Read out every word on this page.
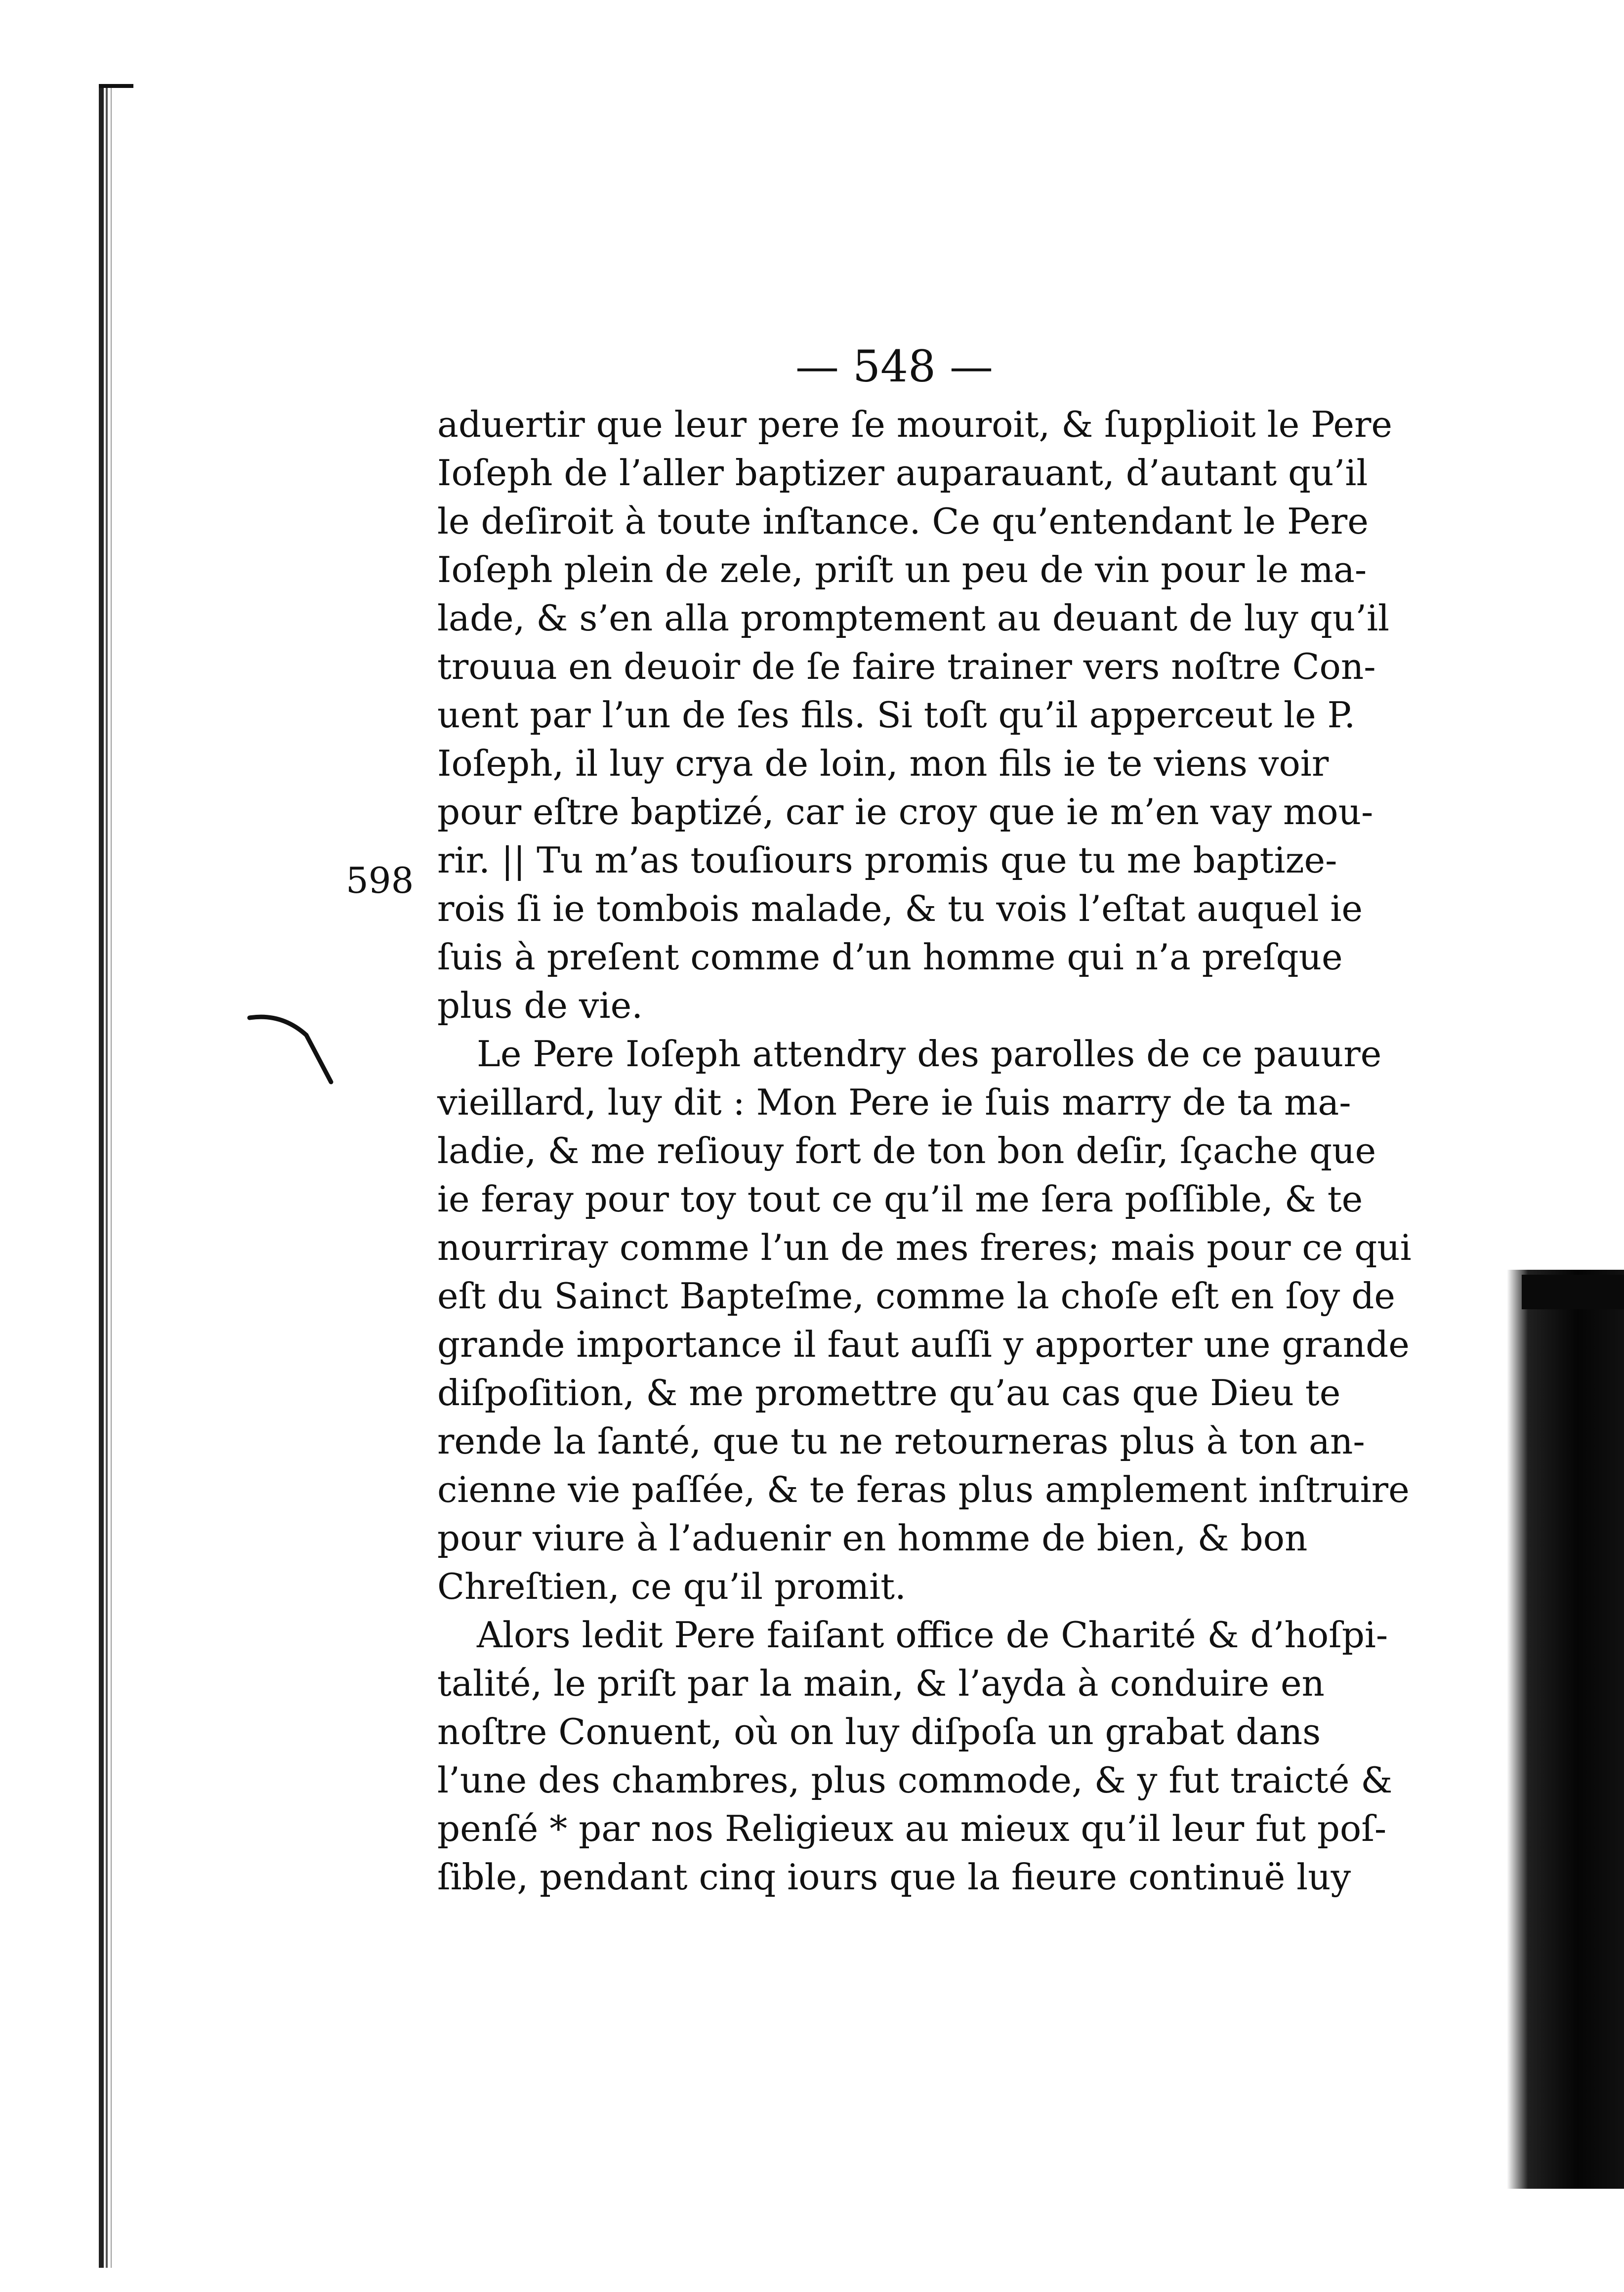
— 548 —
598
aduertir que leur pere ſe mouroit, & ſupplioit le Pere
Ioſeph de l’aller baptizer auparauant, d’autant qu’il
le deſiroit à toute inſtance. Ce qu’entendant le Pere
Ioſeph plein de zele, priſt un peu de vin pour le ma-
lade, & s’en alla promptement au deuant de luy qu’il
trouua en deuoir de ſe faire trainer vers noſtre Con-
uent par l’un de ſes fils. Si toſt qu’il apperceut le P.
Ioſeph, il luy crya de loin, mon fils ie te viens voir
pour eſtre baptizé, car ie croy que ie m’en vay mou-
rir. || Tu m’as touſiours promis que tu me baptize-
rois ſi ie tombois malade, & tu vois l’eſtat auquel ie
ſuis à preſent comme d’un homme qui n’a preſque
plus de vie.
Le Pere Ioſeph attendry des parolles de ce pauure
vieillard, luy dit : Mon Pere ie ſuis marry de ta ma-
ladie, & me reſiouy fort de ton bon deſir, ſçache que
ie feray pour toy tout ce qu’il me ſera poſſible, & te
nourriray comme l’un de mes freres; mais pour ce qui
eſt du Sainct Bapteſme, comme la choſe eſt en ſoy de
grande importance il faut auſſi y apporter une grande
diſpoſition, & me promettre qu’au cas que Dieu te
rende la ſanté, que tu ne retourneras plus à ton an-
cienne vie paſſée, & te feras plus amplement inſtruire
pour viure à l’aduenir en homme de bien, & bon
Chreſtien, ce qu’il promit.
Alors ledit Pere faiſant office de Charité & d’hoſpi-
talité, le priſt par la main, & l’ayda à conduire en
noſtre Conuent, où on luy diſpoſa un grabat dans
l’une des chambres, plus commode, & y fut traicté &
penſé * par nos Religieux au mieux qu’il leur fut poſ-
ſible, pendant cinq iours que la fieure continuë luy
